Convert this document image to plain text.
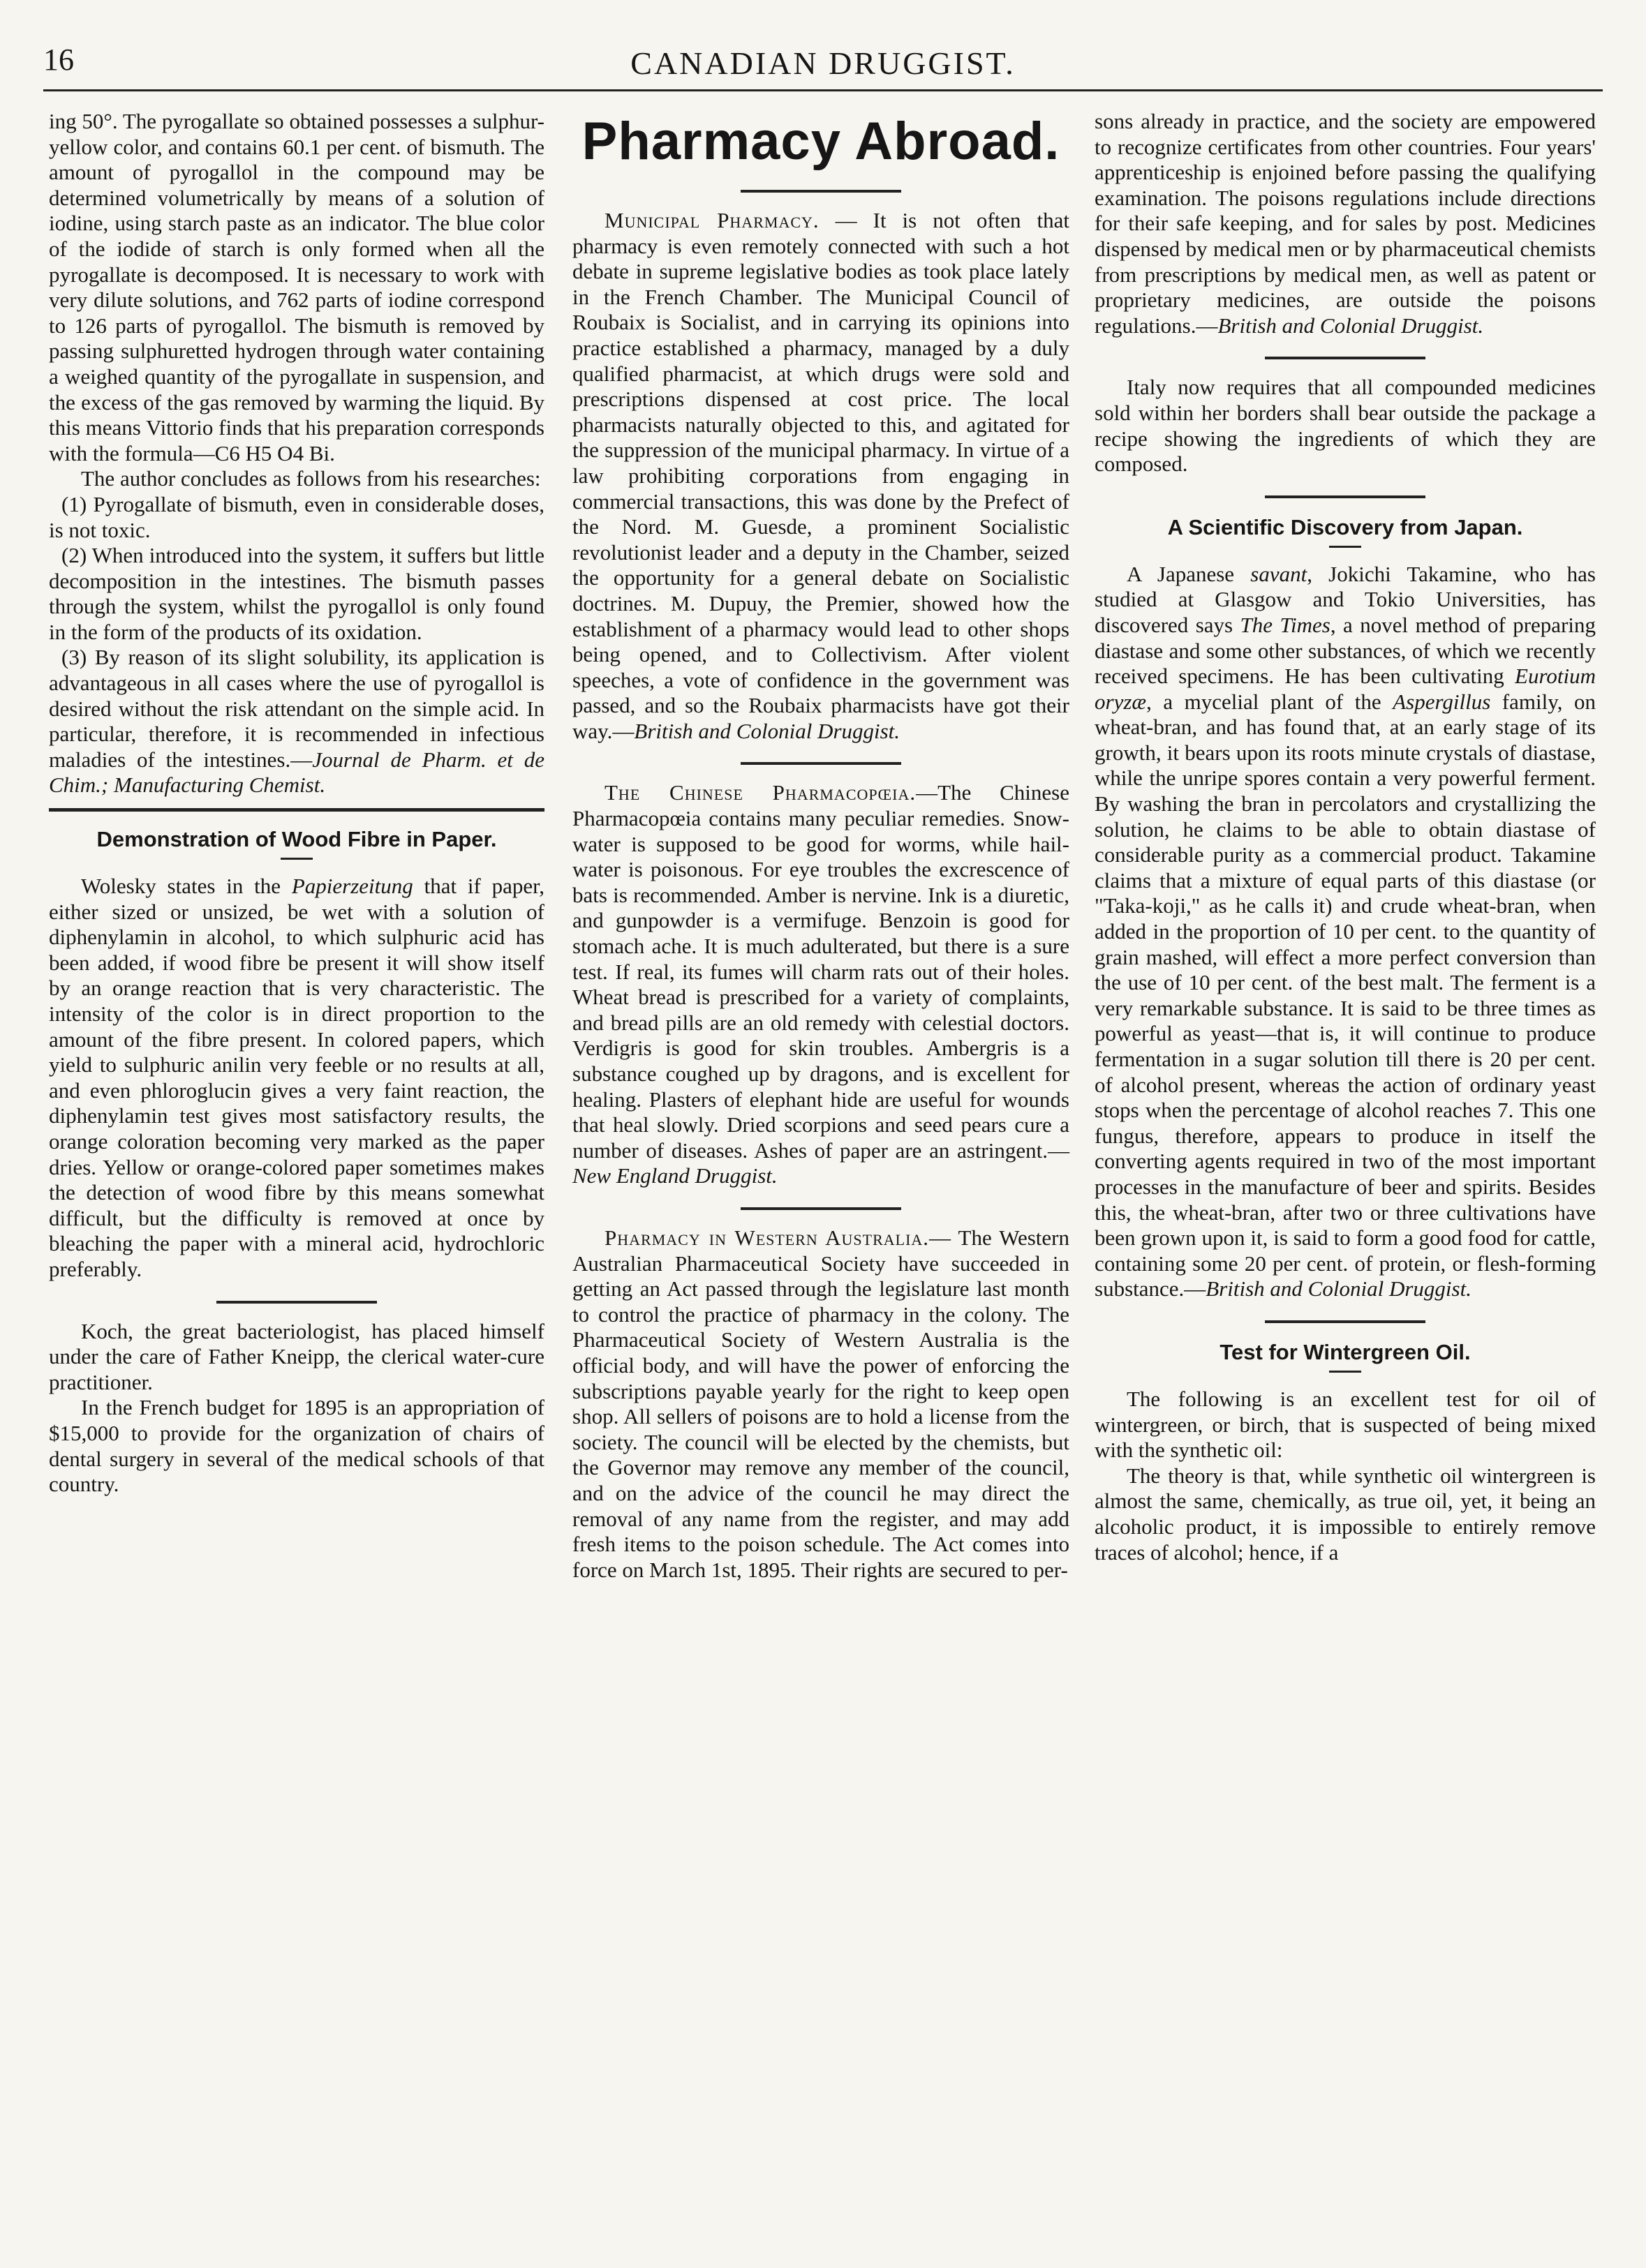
16	CANADIAN DRUGGIST.

ing 50°. The pyrogallate so obtained possesses a sulphur-yellow color, and contains 60.1 per cent. of bismuth. The amount of pyrogallol in the compound may be determined volumetrically by means of a solution of iodine, using starch paste as an indicator. The blue color of the iodide of starch is only formed when all the pyrogallate is decomposed. It is necessary to work with very dilute solutions, and 762 parts of iodine correspond to 126 parts of pyrogallol. The bismuth is removed by passing sulphuretted hydrogen through water containing a weighed quantity of the pyrogallate in suspension, and the excess of the gas removed by warming the liquid. By this means Vittorio finds that his preparation corresponds with the formula—C6 H5 O4 Bi.

The author concludes as follows from his researches:

(1) Pyrogallate of bismuth, even in considerable doses, is not toxic.

(2) When introduced into the system, it suffers but little decomposition in the intestines. The bismuth passes through the system, whilst the pyrogallol is only found in the form of the products of its oxidation.

(3) By reason of its slight solubility, its application is advantageous in all cases where the use of pyrogallol is desired without the risk attendant on the simple acid. In particular, therefore, it is recommended in infectious maladies of the intestines.—Journal de Pharm. et de Chim.; Manufacturing Chemist.

Demonstration of Wood Fibre in Paper.

Wolesky states in the Papierzeitung that if paper, either sized or unsized, be wet with a solution of diphenylamin in alcohol, to which sulphuric acid has been added, if wood fibre be present it will show itself by an orange reaction that is very characteristic. The intensity of the color is in direct proportion to the amount of the fibre present. In colored papers, which yield to sulphuric anilin very feeble or no results at all, and even phloroglucin gives a very faint reaction, the diphenylamin test gives most satisfactory results, the orange coloration becoming very marked as the paper dries. Yellow or orange-colored paper sometimes makes the detection of wood fibre by this means somewhat difficult, but the difficulty is removed at once by bleaching the paper with a mineral acid, hydrochloric preferably.

Koch, the great bacteriologist, has placed himself under the care of Father Kneipp, the clerical water-cure practitioner.

In the French budget for 1895 is an appropriation of $15,000 to provide for the organization of chairs of dental surgery in several of the medical schools of that country.

Pharmacy Abroad.

Municipal Pharmacy. — It is not often that pharmacy is even remotely connected with such a hot debate in supreme legislative bodies as took place lately in the French Chamber. The Municipal Council of Roubaix is Socialist, and in carrying its opinions into practice established a pharmacy, managed by a duly qualified pharmacist, at which drugs were sold and prescriptions dispensed at cost price. The local pharmacists naturally objected to this, and agitated for the suppression of the municipal pharmacy. In virtue of a law prohibiting corporations from engaging in commercial transactions, this was done by the Prefect of the Nord. M. Guesde, a prominent Socialistic revolutionist leader and a deputy in the Chamber, seized the opportunity for a general debate on Socialistic doctrines. M. Dupuy, the Premier, showed how the establishment of a pharmacy would lead to other shops being opened, and to Collectivism. After violent speeches, a vote of confidence in the government was passed, and so the Roubaix pharmacists have got their way.—British and Colonial Druggist.

The Chinese Pharmacopœia.—The Chinese Pharmacopœia contains many peculiar remedies. Snow-water is supposed to be good for worms, while hail-water is poisonous. For eye troubles the excrescence of bats is recommended. Amber is nervine. Ink is a diuretic, and gunpowder is a vermifuge. Benzoin is good for stomach ache. It is much adulterated, but there is a sure test. If real, its fumes will charm rats out of their holes. Wheat bread is prescribed for a variety of complaints, and bread pills are an old remedy with celestial doctors. Verdigris is good for skin troubles. Ambergris is a substance coughed up by dragons, and is excellent for healing. Plasters of elephant hide are useful for wounds that heal slowly. Dried scorpions and seed pears cure a number of diseases. Ashes of paper are an astringent.—New England Druggist.

Pharmacy in Western Australia.— The Western Australian Pharmaceutical Society have succeeded in getting an Act passed through the legislature last month to control the practice of pharmacy in the colony. The Pharmaceutical Society of Western Australia is the official body, and will have the power of enforcing the subscriptions payable yearly for the right to keep open shop. All sellers of poisons are to hold a license from the society. The council will be elected by the chemists, but the Governor may remove any member of the council, and on the advice of the council he may direct the removal of any name from the register, and may add fresh items to the poison schedule. The Act comes into force on March 1st, 1895. Their rights are secured to per-

sons already in practice, and the society are empowered to recognize certificates from other countries. Four years' apprenticeship is enjoined before passing the qualifying examination. The poisons regulations include directions for their safe keeping, and for sales by post. Medicines dispensed by medical men or by pharmaceutical chemists from prescriptions by medical men, as well as patent or proprietary medicines, are outside the poisons regulations.—British and Colonial Druggist.

Italy now requires that all compounded medicines sold within her borders shall bear outside the package a recipe showing the ingredients of which they are composed.

A Scientific Discovery from Japan.

A Japanese savant, Jokichi Takamine, who has studied at Glasgow and Tokio Universities, has discovered says The Times, a novel method of preparing diastase and some other substances, of which we recently received specimens. He has been cultivating Eurotium oryzæ, a mycelial plant of the Aspergillus family, on wheat-bran, and has found that, at an early stage of its growth, it bears upon its roots minute crystals of diastase, while the unripe spores contain a very powerful ferment. By washing the bran in percolators and crystallizing the solution, he claims to be able to obtain diastase of considerable purity as a commercial product. Takamine claims that a mixture of equal parts of this diastase (or "Taka-koji," as he calls it) and crude wheat-bran, when added in the proportion of 10 per cent. to the quantity of grain mashed, will effect a more perfect conversion than the use of 10 per cent. of the best malt. The ferment is a very remarkable substance. It is said to be three times as powerful as yeast—that is, it will continue to produce fermentation in a sugar solution till there is 20 per cent. of alcohol present, whereas the action of ordinary yeast stops when the percentage of alcohol reaches 7. This one fungus, therefore, appears to produce in itself the converting agents required in two of the most important processes in the manufacture of beer and spirits. Besides this, the wheat-bran, after two or three cultivations have been grown upon it, is said to form a good food for cattle, containing some 20 per cent. of protein, or flesh-forming substance.—British and Colonial Druggist.

Test for Wintergreen Oil.

The following is an excellent test for oil of wintergreen, or birch, that is suspected of being mixed with the synthetic oil:

The theory is that, while synthetic oil wintergreen is almost the same, chemically, as true oil, yet, it being an alcoholic product, it is impossible to entirely remove traces of alcohol; hence, if a
